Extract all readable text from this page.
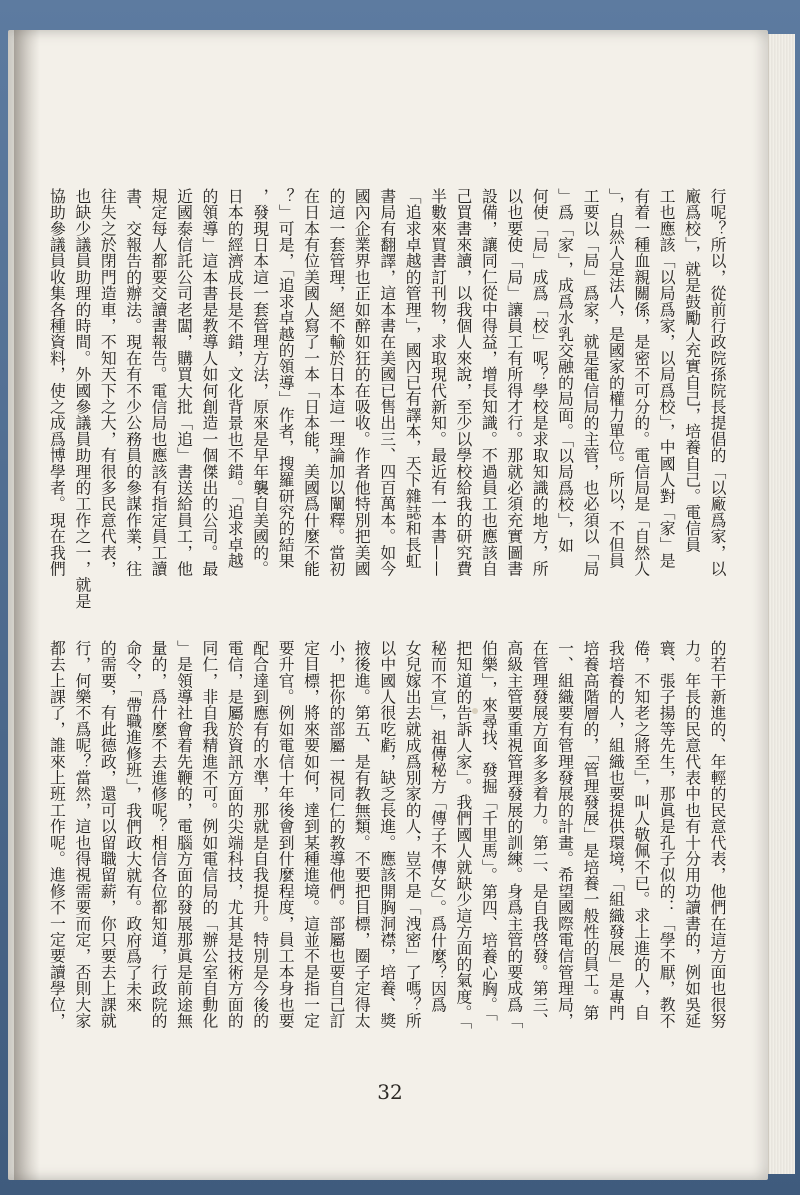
行呢？所以，從前行政院孫院長提倡的「以廠爲家，以
廠爲校」，就是鼓勵人充實自己，培養自己。電信員
工也應該「以局爲家，以局爲校」，中國人對「家」是
有着一種血親關係，是密不可分的。電信局是「自然人
」，自然人是法人，是國家的權力單位。所以，不但員
工要以「局」爲家，就是電信局的主管，也必須以「局
」爲「家」，成爲水乳交融的局面。「以局爲校」，如
何使「局」成爲「校」呢？學校是求取知識的地方，所
以也要使「局」讓員工有所得才行。那就必須充實圖書
設備，讓同仁從中得益，增長知識。不過員工也應該自
己買書來讀，以我個人來說，至少以學校給我的研究費
半數來買書訂刊物，求取現代新知。最近有一本書——
「追求卓越的管理」，國內已有譯本，天下雜誌和長虹
書局有翻譯，這本書在美國已售出三、四百萬本。如今
國內企業界也正如醉如狂的在吸收。作者他特別把美國
的這一套管理，絕不輸於日本這一理論加以闡釋。當初
在日本有位美國人寫了一本「日本能，美國爲什麼不能
？」可是，「追求卓越的領導」作者，搜羅研究的結果
，發現日本這一套管理方法，原來是早年襲自美國的。
日本的經濟成長是不錯，文化背景也不錯。「追求卓越
的領導」這本書是教導人如何創造一個傑出的公司。最
近國泰信託公司老闆，購買大批「追」書送給員工，他
規定每人都要交讀書報告。電信局也應該有指定員工讀
書、交報告的辦法。現在有不少公務員的參謀作業，往
往失之於閉門造車，不知天下之大，有很多民意代表，
也缺少議員助理的時間。外國參議員助理的工作之一，就是
協助參議員收集各種資料，使之成爲博學者。現在我們
的若干新進的、年輕的民意代表，他們在這方面也很努
力。年長的民意代表中也有十分用功讀書的，例如吳延
寰、張子揚等先生，那眞是孔子似的：「學不厭，教不
倦，不知老之將至」，叫人敬佩不已。求上進的人，自
我培養的人，組織也要提供環境，「組織發展」是專門
培養高階層的，「管理發展」是培養一般性的員工。第
一、組織要有管理發展的計畫。希望國際電信管理局，
在管理發展方面多多着力。第二、是自我啓發。第三、
高級主管要重視管理發展的訓練。身爲主管的要成爲「
伯樂」，來尋找、發掘「千里馬」。第四、培養心胸。「
把知道的告訴人家」。我們國人就缺少這方面的氣度。「
秘而不宣」，祖傳秘方「傳子不傳女」。爲什麼？因爲
女兒嫁出去就成爲別家的人，豈不是「洩密」了嗎？所
以中國人很吃虧，缺乏長進。應該開胸洞襟，培養、獎
掖後進。第五、是有教無類。不要把目標，圈子定得太
小，把你的部屬一視同仁的教導他們。部屬也要自己訂
定目標，將來要如何，達到某種進境。這並不是指一定
要升官。例如電信十年後會到什麼程度，員工本身也要
配合達到應有的水準，那就是自我提升。特別是今後的
電信，是屬於資訊方面的尖端科技，尤其是技術方面的
同仁，非自我精進不可。例如電信局的「辦公室自動化
」是領導社會着先鞭的，電腦方面的發展那眞是前途無
量的，爲什麼不去進修呢？相信各位都知道，行政院的
命令，「帶職進修班」，我們政大就有。政府爲了未來
的需要，有此德政，還可以留職留薪，你只要去上課就
行，何樂不爲呢？當然，這也得視需要而定，否則大家
都去上課了，誰來上班工作呢。進修不一定要讀學位，
32
